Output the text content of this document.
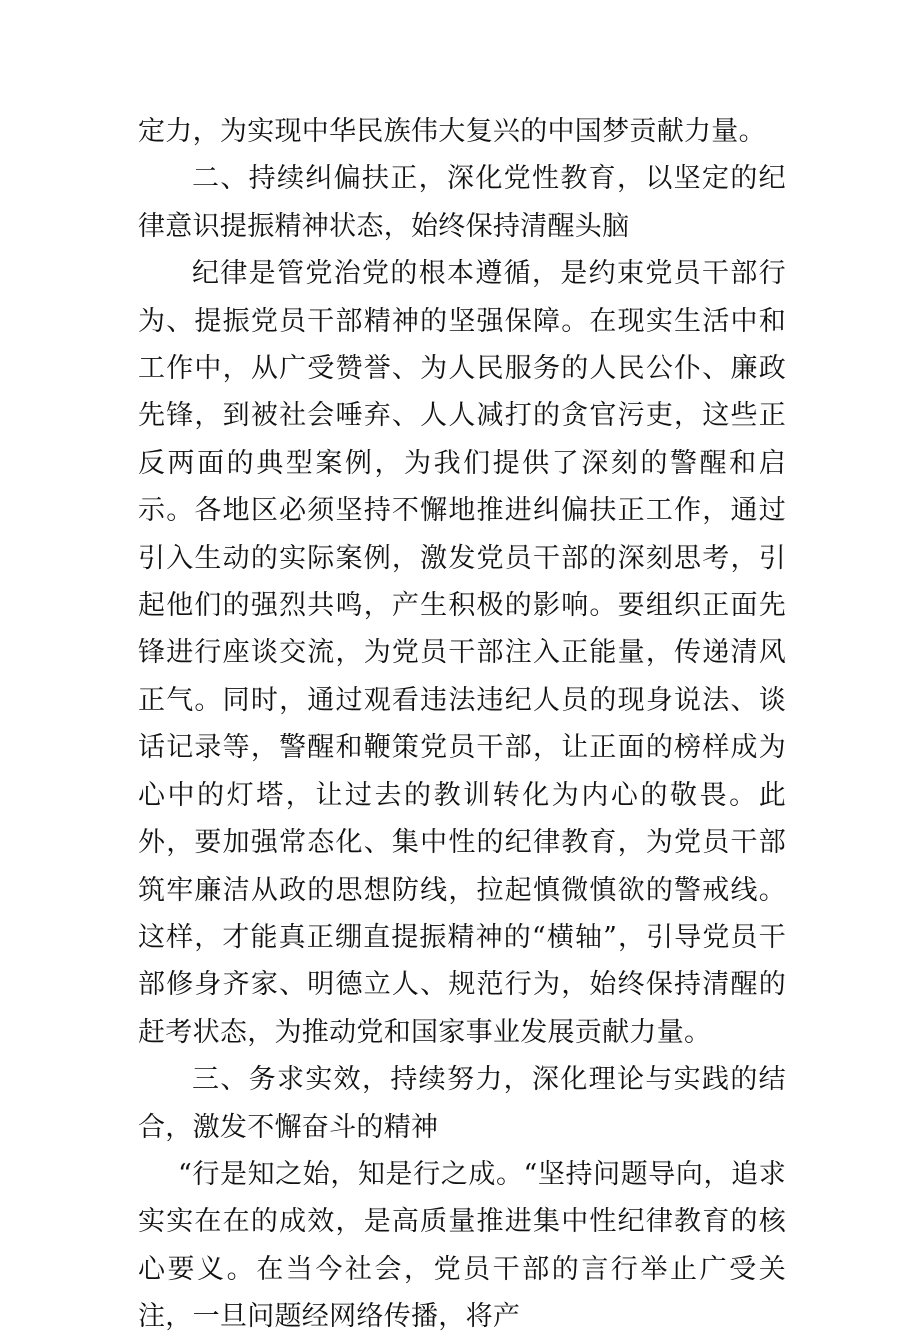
定力，为实现中华民族伟大复兴的中国梦贡献力量。

二、持续纠偏扶正，深化党性教育，以坚定的纪律意识提振精神状态，始终保持清醒头脑

纪律是管党治党的根本遵循，是约束党员干部行为、提振党员干部精神的坚强保障。在现实生活中和工作中，从广受赞誉、为人民服务的人民公仆、廉政先锋，到被社会唾弃、人人减打的贪官污吏，这些正反两面的典型案例，为我们提供了深刻的警醒和启示。各地区必须坚持不懈地推进纠偏扶正工作，通过引入生动的实际案例，激发党员干部的深刻思考，引起他们的强烈共鸣，产生积极的影响。要组织正面先锋进行座谈交流，为党员干部注入正能量，传递清风正气。同时，通过观看违法违纪人员的现身说法、谈话记录等，警醒和鞭策党员干部，让正面的榜样成为心中的灯塔，让过去的教训转化为内心的敬畏。此外，要加强常态化、集中性的纪律教育，为党员干部筑牢廉洁从政的思想防线，拉起慎微慎欲的警戒线。这样，才能真正绷直提振精神的“横轴”，引导党员干部修身齐家、明德立人、规范行为，始终保持清醒的赶考状态，为推动党和国家事业发展贡献力量。

三、务求实效，持续努力，深化理论与实践的结合，激发不懈奋斗的精神

“行是知之始，知是行之成。“坚持问题导向，追求实实在在的成效，是高质量推进集中性纪律教育的核心要义。在当今社会，党员干部的言行举止广受关注，一旦问题经网络传播，将产
